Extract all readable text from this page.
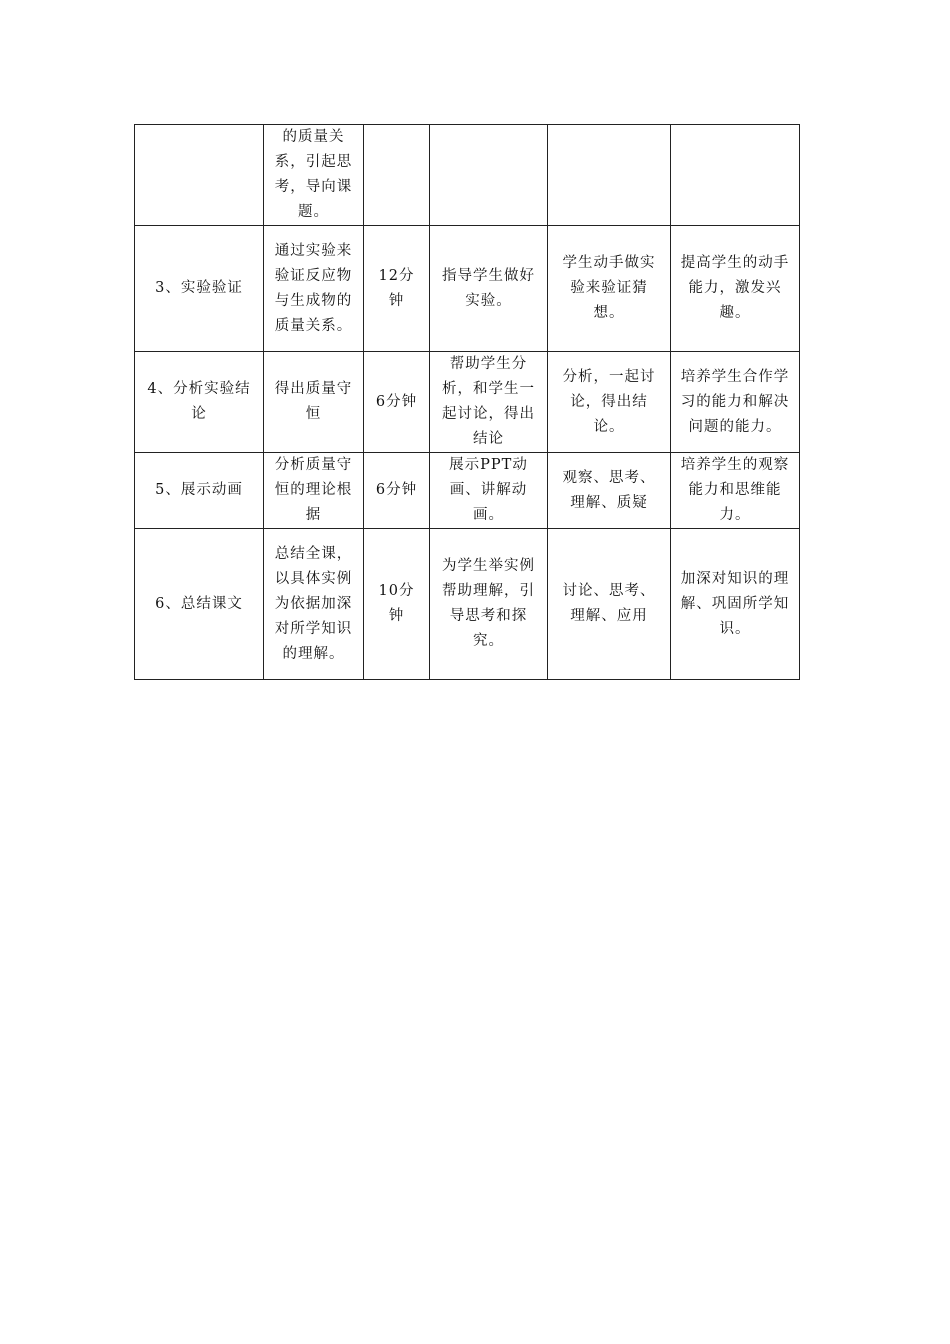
	的质量关系，引起思考，导向课题。				

3、实验验证	通过实验来验证反应物与生成物的质量关系。	12分钟	指导学生做好实验。	学生动手做实验来验证猜想。	提高学生的动手能力，激发兴趣。

4、分析实验结论	得出质量守恒	6分钟	帮助学生分析，和学生一起讨论，得出结论	分析，一起讨论，得出结论。	培养学生合作学习的能力和解决问题的能力。

5、展示动画	分析质量守恒的理论根据	6分钟	展示PPT动画、讲解动画。	观察、思考、理解、质疑	培养学生的观察能力和思维能力。

6、总结课文	总结全课，以具体实例为依据加深对所学知识的理解。	10分钟	为学生举实例帮助理解，引导思考和探究。	讨论、思考、理解、应用	加深对知识的理解、巩固所学知识。
